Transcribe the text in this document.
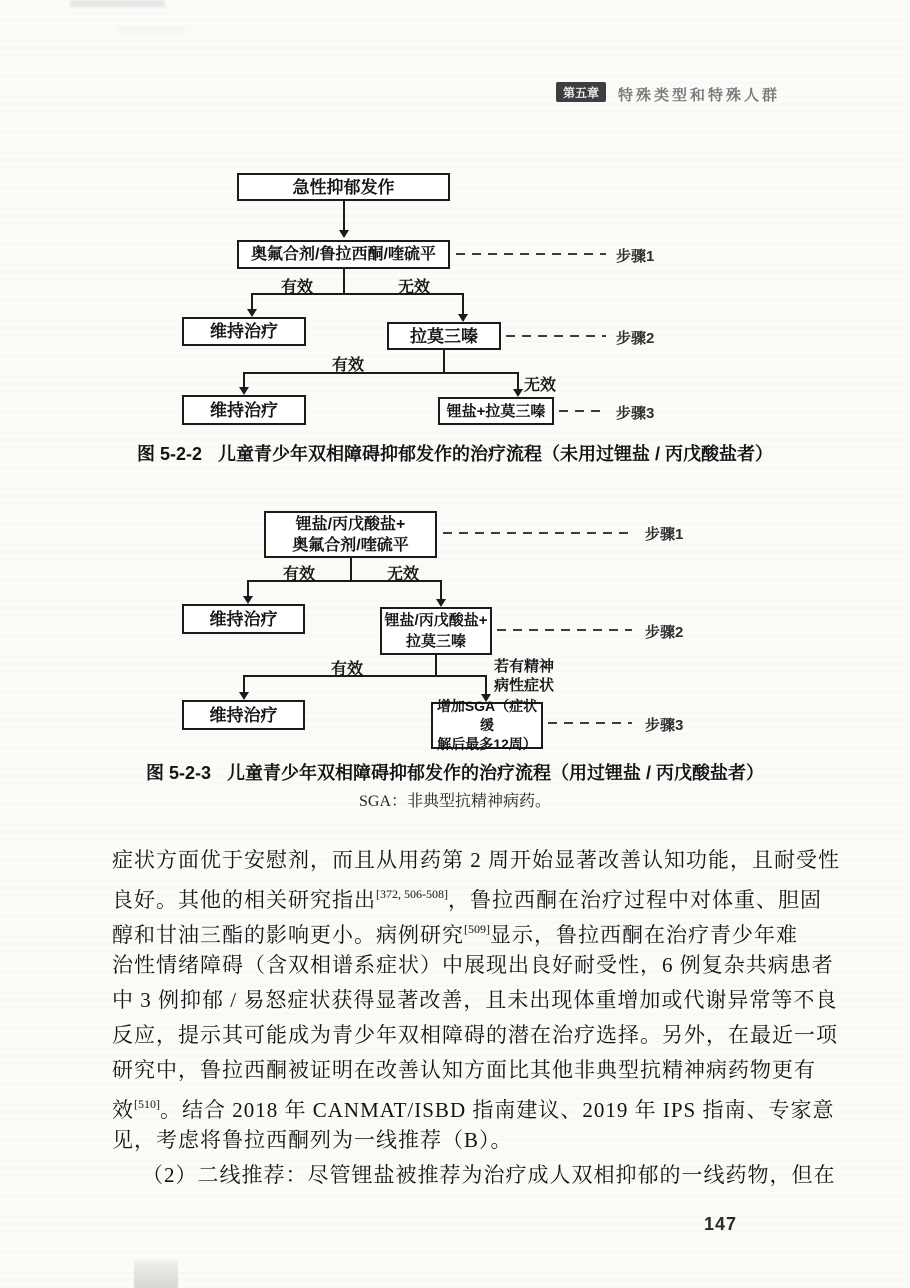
第五章	特殊类型和特殊人群
急性抑郁发作
奥氟合剂/鲁拉西酮/喹硫平	步骤1
有效	无效
维持治疗	拉莫三嗪	步骤2
有效
无效
维持治疗	锂盐+拉莫三嗪	步骤3
图 5-2-2 儿童青少年双相障碍抑郁发作的治疗流程（未用过锂盐 / 丙戊酸盐者）
锂盐/丙戊酸盐+
奥氟合剂/喹硫平
步骤1
有效	无效
维持治疗	锂盐/丙戊酸盐+
拉莫三嗪
步骤2
有效	若有精神
病性症状
维持治疗	增加SGA（症状缓
解后最多12周）
步骤3
图 5-2-3 儿童青少年双相障碍抑郁发作的治疗流程（用过锂盐 / 丙戊酸盐者）
SGA：非典型抗精神病药。
症状方面优于安慰剂，而且从用药第 2 周开始显著改善认知功能，且耐受性
良好。其他的相关研究指出[372, 506-508]，鲁拉西酮在治疗过程中对体重、胆固
醇和甘油三酯的影响更小。病例研究[509]显示，鲁拉西酮在治疗青少年难
治性情绪障碍（含双相谱系症状）中展现出良好耐受性，6 例复杂共病患者
中 3 例抑郁 / 易怒症状获得显著改善，且未出现体重增加或代谢异常等不良
反应，提示其可能成为青少年双相障碍的潜在治疗选择。另外，在最近一项
研究中，鲁拉西酮被证明在改善认知方面比其他非典型抗精神病药物更有
效[510]。结合 2018 年 CANMAT/ISBD 指南建议、2019 年 IPS 指南、专家意
见，考虑将鲁拉西酮列为一线推荐（B）。
（2）二线推荐：尽管锂盐被推荐为治疗成人双相抑郁的一线药物，但在
147
